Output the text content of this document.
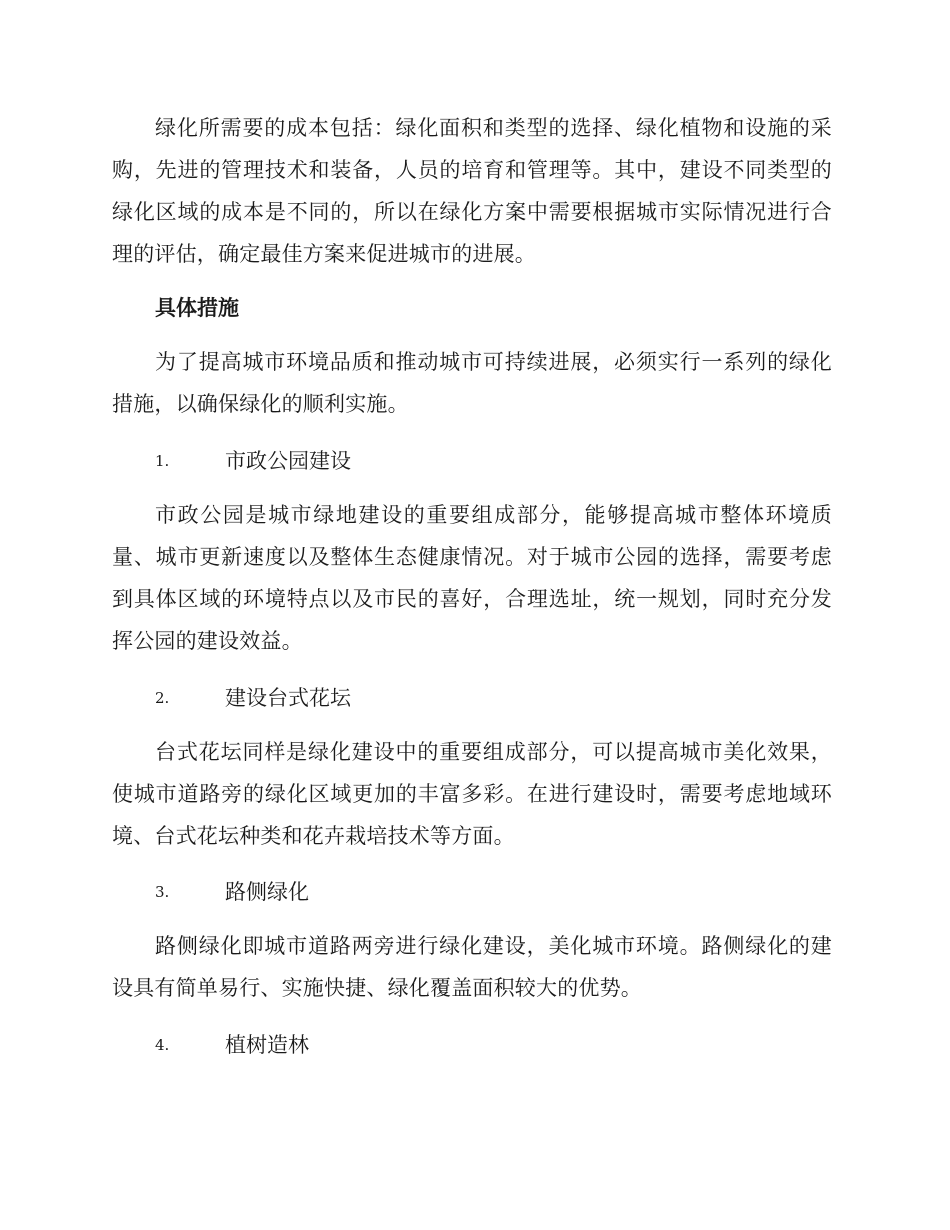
绿化所需要的成本包括：绿化面积和类型的选择、绿化植物和设施的采购，先进的管理技术和装备，人员的培育和管理等。其中，建设不同类型的绿化区域的成本是不同的，所以在绿化方案中需要根据城市实际情况进行合理的评估，确定最佳方案来促进城市的进展。

具体措施

为了提高城市环境品质和推动城市可持续进展，必须实行一系列的绿化措施，以确保绿化的顺利实施。

1.	市政公园建设

市政公园是城市绿地建设的重要组成部分，能够提高城市整体环境质量、城市更新速度以及整体生态健康情况。对于城市公园的选择，需要考虑到具体区域的环境特点以及市民的喜好，合理选址，统一规划，同时充分发挥公园的建设效益。

2.	建设台式花坛

台式花坛同样是绿化建设中的重要组成部分，可以提高城市美化效果，使城市道路旁的绿化区域更加的丰富多彩。在进行建设时，需要考虑地域环境、台式花坛种类和花卉栽培技术等方面。

3.	路侧绿化

路侧绿化即城市道路两旁进行绿化建设，美化城市环境。路侧绿化的建设具有简单易行、实施快捷、绿化覆盖面积较大的优势。

4.	植树造林
